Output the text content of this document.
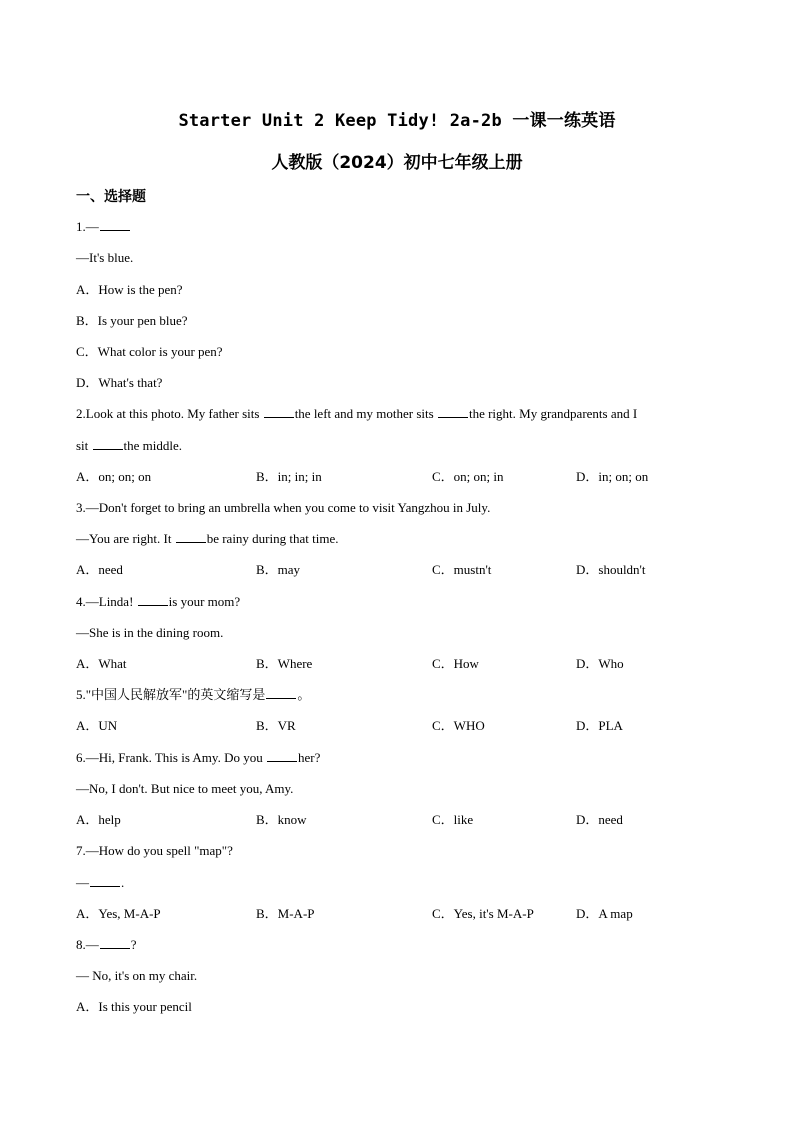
Starter Unit 2 Keep Tidy! 2a-2b 一课一练英语
人教版（2024）初中七年级上册
一、选择题
1.—
—It's blue.
A．How is the pen?
B．Is your pen blue?
C．What color is your pen?
D．What's that?
2.Look at this photo. My father sits	the left and my mother sits	the right. My grandparents and I
sit	the middle.
A．on; on; on	B．in; in; in	C．on; on; in	D．in; on; on
3.—Don't forget to bring an umbrella when you come to visit Yangzhou in July.
—You are right. It	be rainy during that time.
A．need	B．may	C．mustn't	D．shouldn't
4.—Linda!	is your mom?
—She is in the dining room.
A．What	B．Where	C．How	D．Who
5."中国人民解放军"的英文缩写是 。
A．UN	B．VR	C．WHO	D．PLA
6.—Hi, Frank. This is Amy. Do you	her?
—No, I don't. But nice to meet you, Amy.
A．help	B．know	C．like	D．need
7.—How do you spell "map"?
— .
A．Yes, M-A-P	B．M-A-P	C．Yes, it's M-A-P	D．A map
8.— ?
— No, it's on my chair.
A．Is this your pencil
